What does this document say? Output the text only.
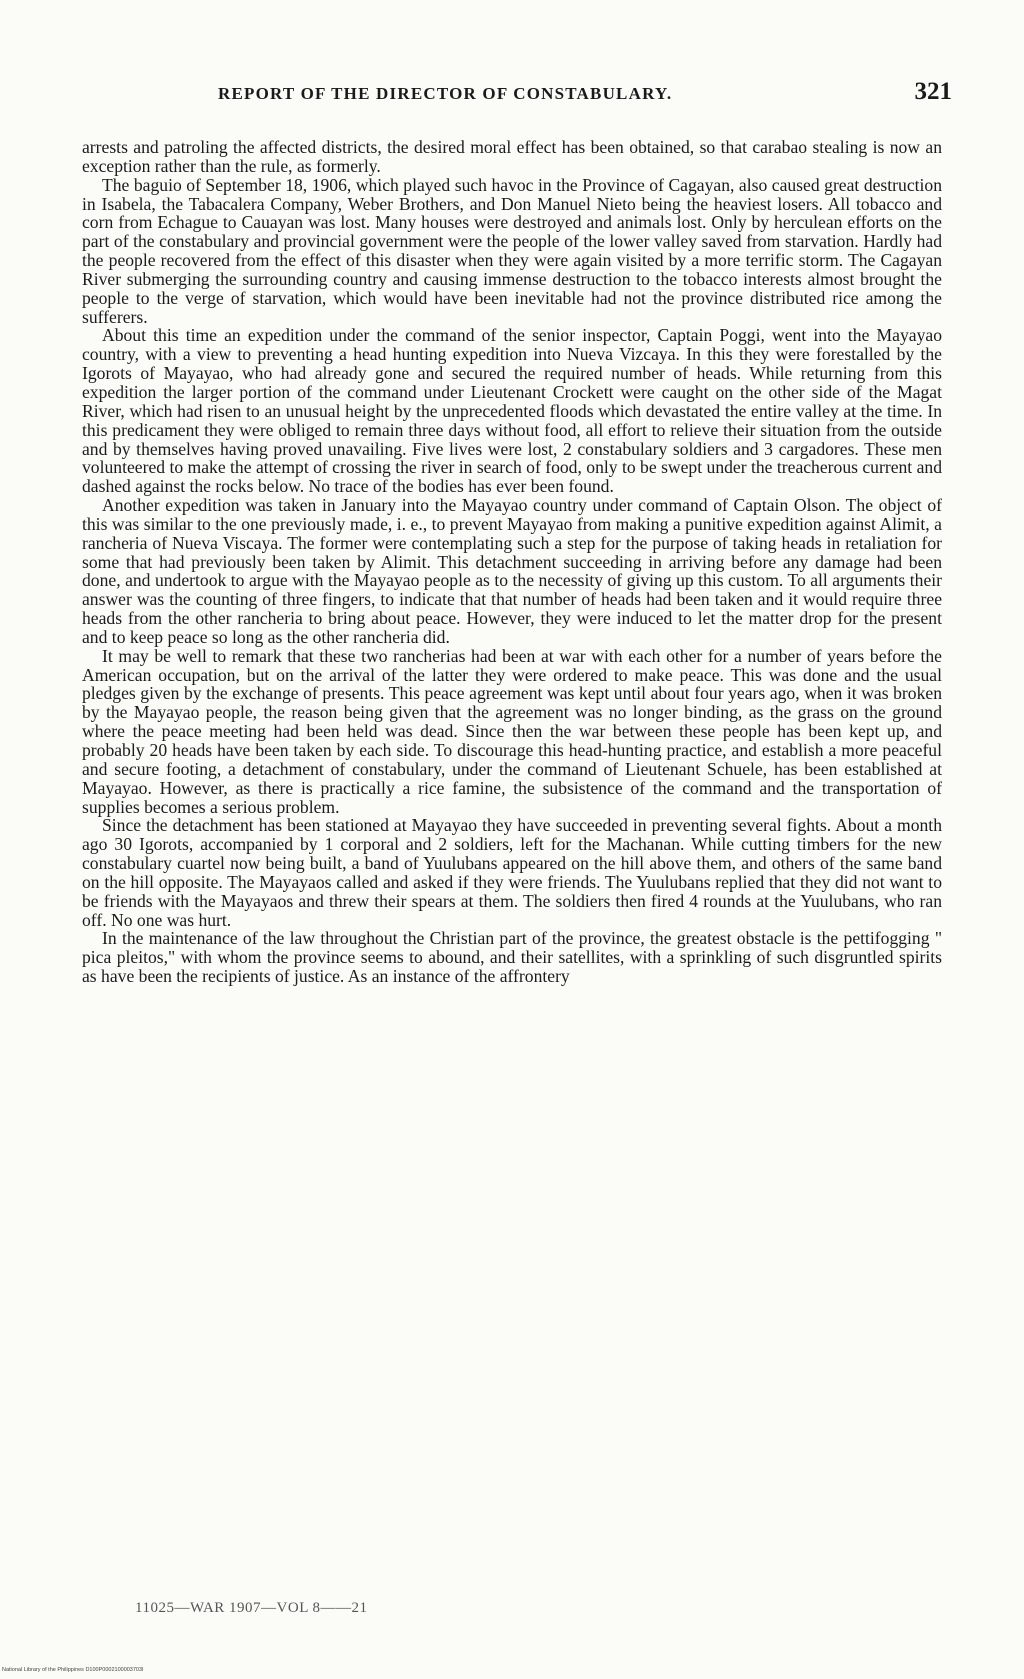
REPORT OF THE DIRECTOR OF CONSTABULARY.	321

arrests and patroling the affected districts, the desired moral effect has been obtained, so that carabao stealing is now an exception rather than the rule, as formerly.

The baguio of September 18, 1906, which played such havoc in the Province of Cagayan, also caused great destruction in Isabela, the Tabacalera Company, Weber Brothers, and Don Manuel Nieto being the heaviest losers. All tobacco and corn from Echague to Cauayan was lost. Many houses were destroyed and animals lost. Only by herculean efforts on the part of the constabulary and provincial government were the people of the lower valley saved from starvation. Hardly had the people recovered from the effect of this disaster when they were again visited by a more terrific storm. The Cagayan River submerging the surrounding country and causing immense destruction to the tobacco interests almost brought the people to the verge of starvation, which would have been inevitable had not the province distributed rice among the sufferers.

About this time an expedition under the command of the senior inspector, Captain Poggi, went into the Mayayao country, with a view to preventing a head hunting expedition into Nueva Vizcaya. In this they were forestalled by the Igorots of Mayayao, who had already gone and secured the required number of heads. While returning from this expedition the larger portion of the command under Lieutenant Crockett were caught on the other side of the Magat River, which had risen to an unusual height by the unprecedented floods which devastated the entire valley at the time. In this predicament they were obliged to remain three days without food, all effort to relieve their situation from the outside and by themselves having proved unavailing. Five lives were lost, 2 constabulary soldiers and 3 cargadores. These men volunteered to make the attempt of crossing the river in search of food, only to be swept under the treacherous current and dashed against the rocks below. No trace of the bodies has ever been found.

Another expedition was taken in January into the Mayayao country under command of Captain Olson. The object of this was similar to the one previously made, i. e., to prevent Mayayao from making a punitive expedition against Alimit, a rancheria of Nueva Viscaya. The former were contemplating such a step for the purpose of taking heads in retaliation for some that had previously been taken by Alimit. This detachment succeeding in arriving before any damage had been done, and undertook to argue with the Mayayao people as to the necessity of giving up this custom. To all arguments their answer was the counting of three fingers, to indicate that that number of heads had been taken and it would require three heads from the other rancheria to bring about peace. However, they were induced to let the matter drop for the present and to keep peace so long as the other rancheria did.

It may be well to remark that these two rancherias had been at war with each other for a number of years before the American occupation, but on the arrival of the latter they were ordered to make peace. This was done and the usual pledges given by the exchange of presents. This peace agreement was kept until about four years ago, when it was broken by the Mayayao people, the reason being given that the agreement was no longer binding, as the grass on the ground where the peace meeting had been held was dead. Since then the war between these people has been kept up, and probably 20 heads have been taken by each side. To discourage this head-hunting practice, and establish a more peaceful and secure footing, a detachment of constabulary, under the command of Lieutenant Schuele, has been established at Mayayao. However, as there is practically a rice famine, the subsistence of the command and the transportation of supplies becomes a serious problem.

Since the detachment has been stationed at Mayayao they have succeeded in preventing several fights. About a month ago 30 Igorots, accompanied by 1 corporal and 2 soldiers, left for the Machanan. While cutting timbers for the new constabulary cuartel now being built, a band of Yuulubans appeared on the hill above them, and others of the same band on the hill opposite. The Mayayaos called and asked if they were friends. The Yuulubans replied that they did not want to be friends with the Mayayaos and threw their spears at them. The soldiers then fired 4 rounds at the Yuulubans, who ran off. No one was hurt.

In the maintenance of the law throughout the Christian part of the province, the greatest obstacle is the pettifogging " pica pleitos," with whom the province seems to abound, and their satellites, with a sprinkling of such disgruntled spirits as have been the recipients of justice. As an instance of the affrontery

11025—WAR 1907—VOL 8——21
National Library of the Philippines D100P0002100003703I
